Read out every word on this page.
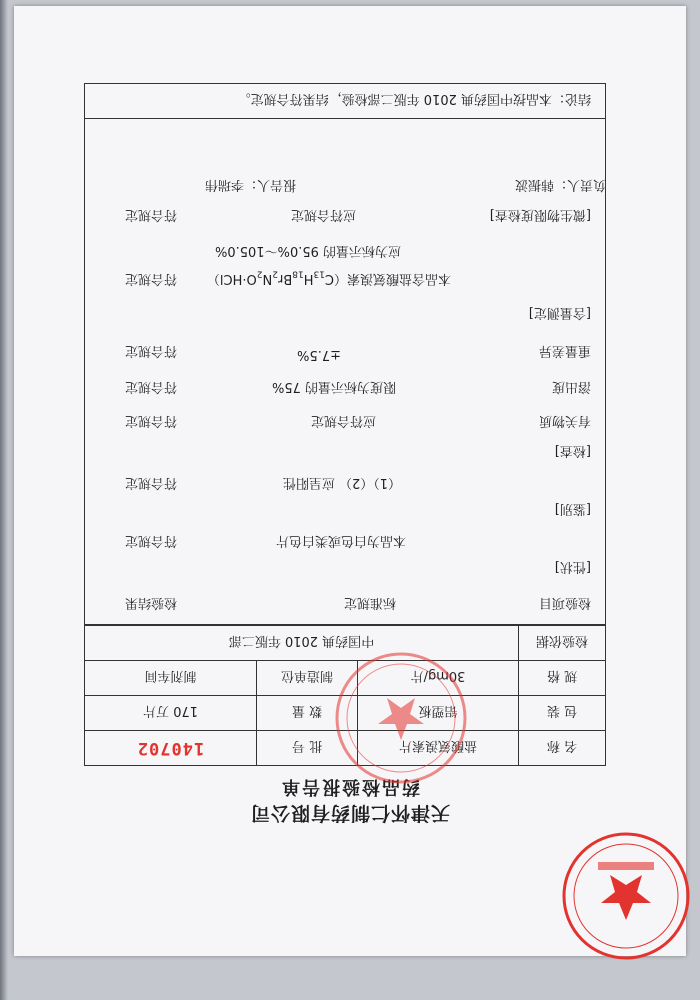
天津怀仁制药有限公司
药品检验报告单
名 称
盐酸氨溴索片
批 号
140702
包 装
铝塑板
数 量
170 万片
规 格
30mg/片
制造单位
制剂车间
检验依据
中国药典 2010 年版二部
检验项目
标准规定
检验结果
[性状]
本品为白色或类白色片
符合规定
[鉴别]
（1）（2） 应呈阳性
符合规定
[检查]
有关物质
应符合规定
符合规定
溶出度
限度为标示量的 75%
符合规定
重量差异
±7.5%
符合规定
[含量测定]
本品含盐酸氨溴索$(C_{13}H_{18}Br_2N_2O\cdot HCl)$
符合规定
应为标示量的 95.0%～105.0%
[微生物限度检查]
应符合规定
符合规定
结论：本品按中国药典 2010 年版二部检验，结果符合规定。
负责人：韩振波
报告人：李瑞伟
